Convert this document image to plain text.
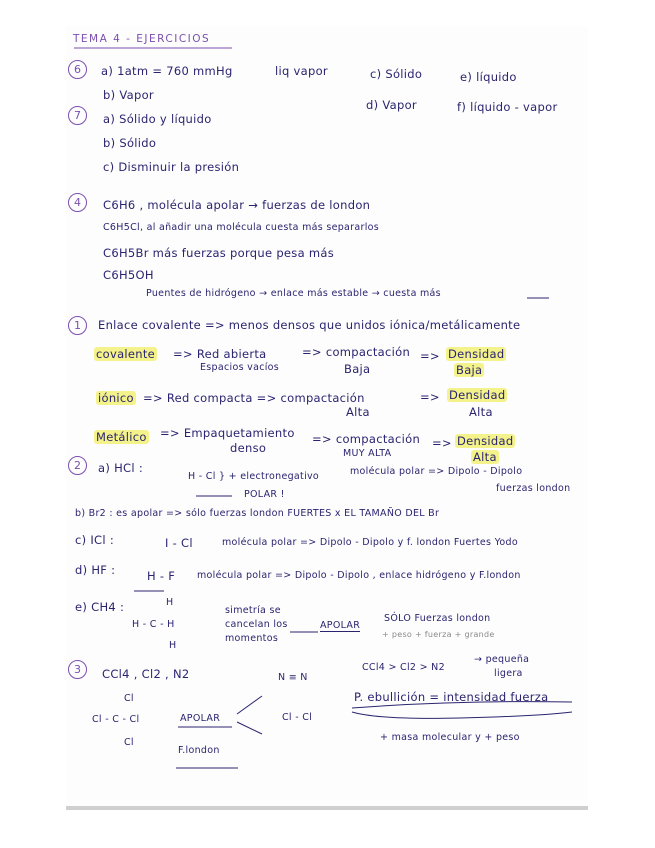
TEMA 4 - EJERCICIOS
6	a) 1atm = 760 mmHg	liq vapor	c) Sólido	e) líquido
b) Vapor
d) Vapor	f) líquido - vapor
7	a) Sólido y líquido
b) Sólido
c) Disminuir la presión
4	C6H6 , molécula apolar → fuerzas de london
C6H5Cl, al añadir una molécula cuesta más separarlos
C6H5Br más fuerzas porque pesa más
C6H5OH
Puentes de hidrógeno → enlace más estable → cuesta más
1	Enlace covalente => menos densos que unidos iónica/metálicamente
covalente => Red abierta
Espacios vacíos
=> compactación
Baja
=> Densidad
Baja
iónico => Red compacta => compactación
Alta
=> Densidad
Alta
Metálico => Empaquetamiento
denso
=> compactación
MUY ALTA
=> Densidad
Alta
2	a) HCl :
H - Cl } + electronegativo
POLAR !
molécula polar => Dipolo - Dipolo
fuerzas london
b) Br2 : es apolar => sólo fuerzas london FUERTES x EL TAMAÑO DEL Br
c) ICl :	I - Cl	molécula polar => Dipolo - Dipolo y f. london Fuertes Yodo
d) HF :	H - F molécula polar => Dipolo - Dipolo , enlace hidrógeno y F.london
e) CH4 :	H
H - C - H
H
simetría se
cancelan los
momentos
APOLAR
SÓLO Fuerzas london
3	CCl4 , Cl2 , N2	N ≡ N
Cl - Cl
Cl
Cl - C - Cl
Cl
APOLAR
F.london
+ peso + fuerza + grande
CCl4 > Cl2 > N2
→ pequeña
ligera
P. ebullición = intensidad fuerza
+ masa molecular y + peso
